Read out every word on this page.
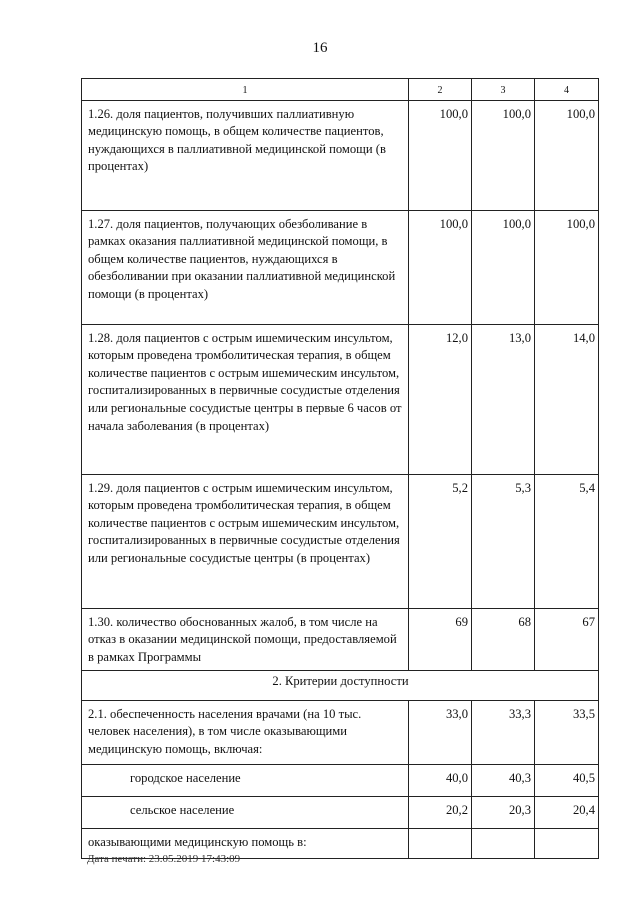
16
1	2	3	4
1.26. доля пациентов, получивших паллиативную медицинскую помощь, в общем количестве пациентов, нуждающихся в паллиативной медицинской помощи (в процентах)	100,0	100,0	100,0
1.27. доля пациентов, получающих обезболивание в рамках оказания паллиативной медицинской помощи, в общем количестве пациентов, нуждающихся в обезболивании при оказании паллиативной медицинской помощи (в процентах)	100,0	100,0	100,0
1.28. доля пациентов с острым ишемическим инсультом, которым проведена тромболитическая терапия, в общем количестве пациентов с острым ишемическим инсультом, госпитализированных в первичные сосудистые отделения или региональные сосудистые центры в первые 6 часов от начала заболевания (в процентах)	12,0	13,0	14,0
1.29. доля пациентов с острым ишемическим инсультом, которым проведена тромболитическая терапия, в общем количестве пациентов с острым ишемическим инсультом, госпитализированных в первичные сосудистые отделения или региональные сосудистые центры (в процентах)	5,2	5,3	5,4
1.30. количество обоснованных жалоб, в том числе на отказ в оказании медицинской помощи, предоставляемой в рамках Программы	69	68	67
2. Критерии доступности			
2.1. обеспеченность населения врачами (на 10 тыс. человек населения), в том числе оказывающими медицинскую помощь, включая:	33,0	33,3	33,5
городское население	40,0	40,3	40,5
сельское население	20,2	20,3	20,4
оказывающими медицинскую помощь в:			
Дата печати: 23.05.2019 17:43:09
